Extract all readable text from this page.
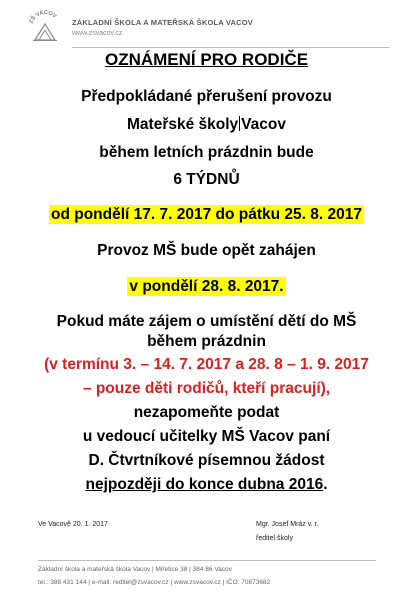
ZŠ VACOV
ZÁKLADNÍ ŠKOLA A MATEŘSKÁ ŠKOLA VACOV
www.zsvacov.cz
OZNÁMENÍ PRO RODIČE
Předpokládané přerušení provozu
Mateřské školy Vacov
během letních prázdnin bude
6 TÝDNŮ
od pondělí 17. 7. 2017 do pátku 25. 8. 2017
Provoz MŠ bude opět zahájen
v pondělí 28. 8. 2017.
Pokud máte zájem o umístění dětí do MŠ
během prázdnin
(v termínu 3. – 14. 7. 2017 a 28. 8 – 1. 9. 2017
– pouze děti rodičů, kteří pracují),
nezapomeňte podat
u vedoucí učitelky MŠ Vacov paní
D. Čtvrtníkové písemnou žádost
nejpozději do konce dubna 2016.
Ve Vacově 20. 1. 2017	Mgr. Josef Mráz v. r.
ředitel školy
Základní škola a mateřská škola Vacov | Miřetice 38 | 384 86 Vacov
tel.: 388 431 144 | e-mail: reditel@zsvacov.cz | www.zsvacov.cz | IČO: 70873682
